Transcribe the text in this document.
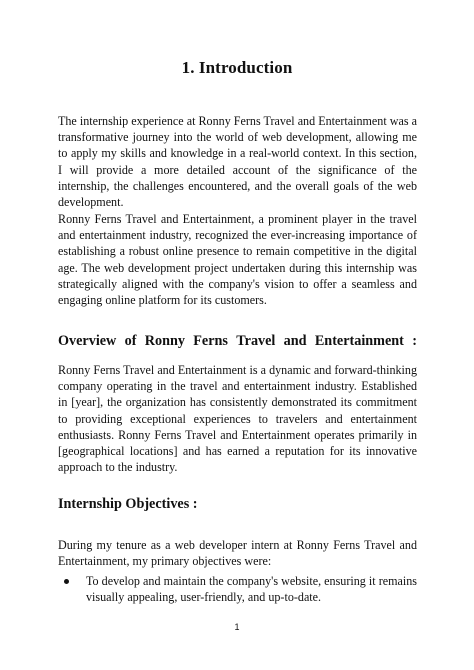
1. Introduction

The internship experience at Ronny Ferns Travel and Entertainment was a transformative journey into the world of web development, allowing me to apply my skills and knowledge in a real-world context. In this section, I will provide a more detailed account of the significance of the internship, the challenges encountered, and the overall goals of the web development.

Ronny Ferns Travel and Entertainment, a prominent player in the travel and entertainment industry, recognized the ever-increasing importance of establishing a robust online presence to remain competitive in the digital age. The web development project undertaken during this internship was strategically aligned with the company's vision to offer a seamless and engaging online platform for its customers.

Overview of Ronny Ferns Travel and Entertainment :

Ronny Ferns Travel and Entertainment is a dynamic and forward-thinking company operating in the travel and entertainment industry. Established in [year], the organization has consistently demonstrated its commitment to providing exceptional experiences to travelers and entertainment enthusiasts. Ronny Ferns Travel and Entertainment operates primarily in [geographical locations] and has earned a reputation for its innovative approach to the industry.

Internship Objectives :

During my tenure as a web developer intern at Ronny Ferns Travel and Entertainment, my primary objectives were:

To develop and maintain the company's website, ensuring it remains visually appealing, user-friendly, and up-to-date.
1
